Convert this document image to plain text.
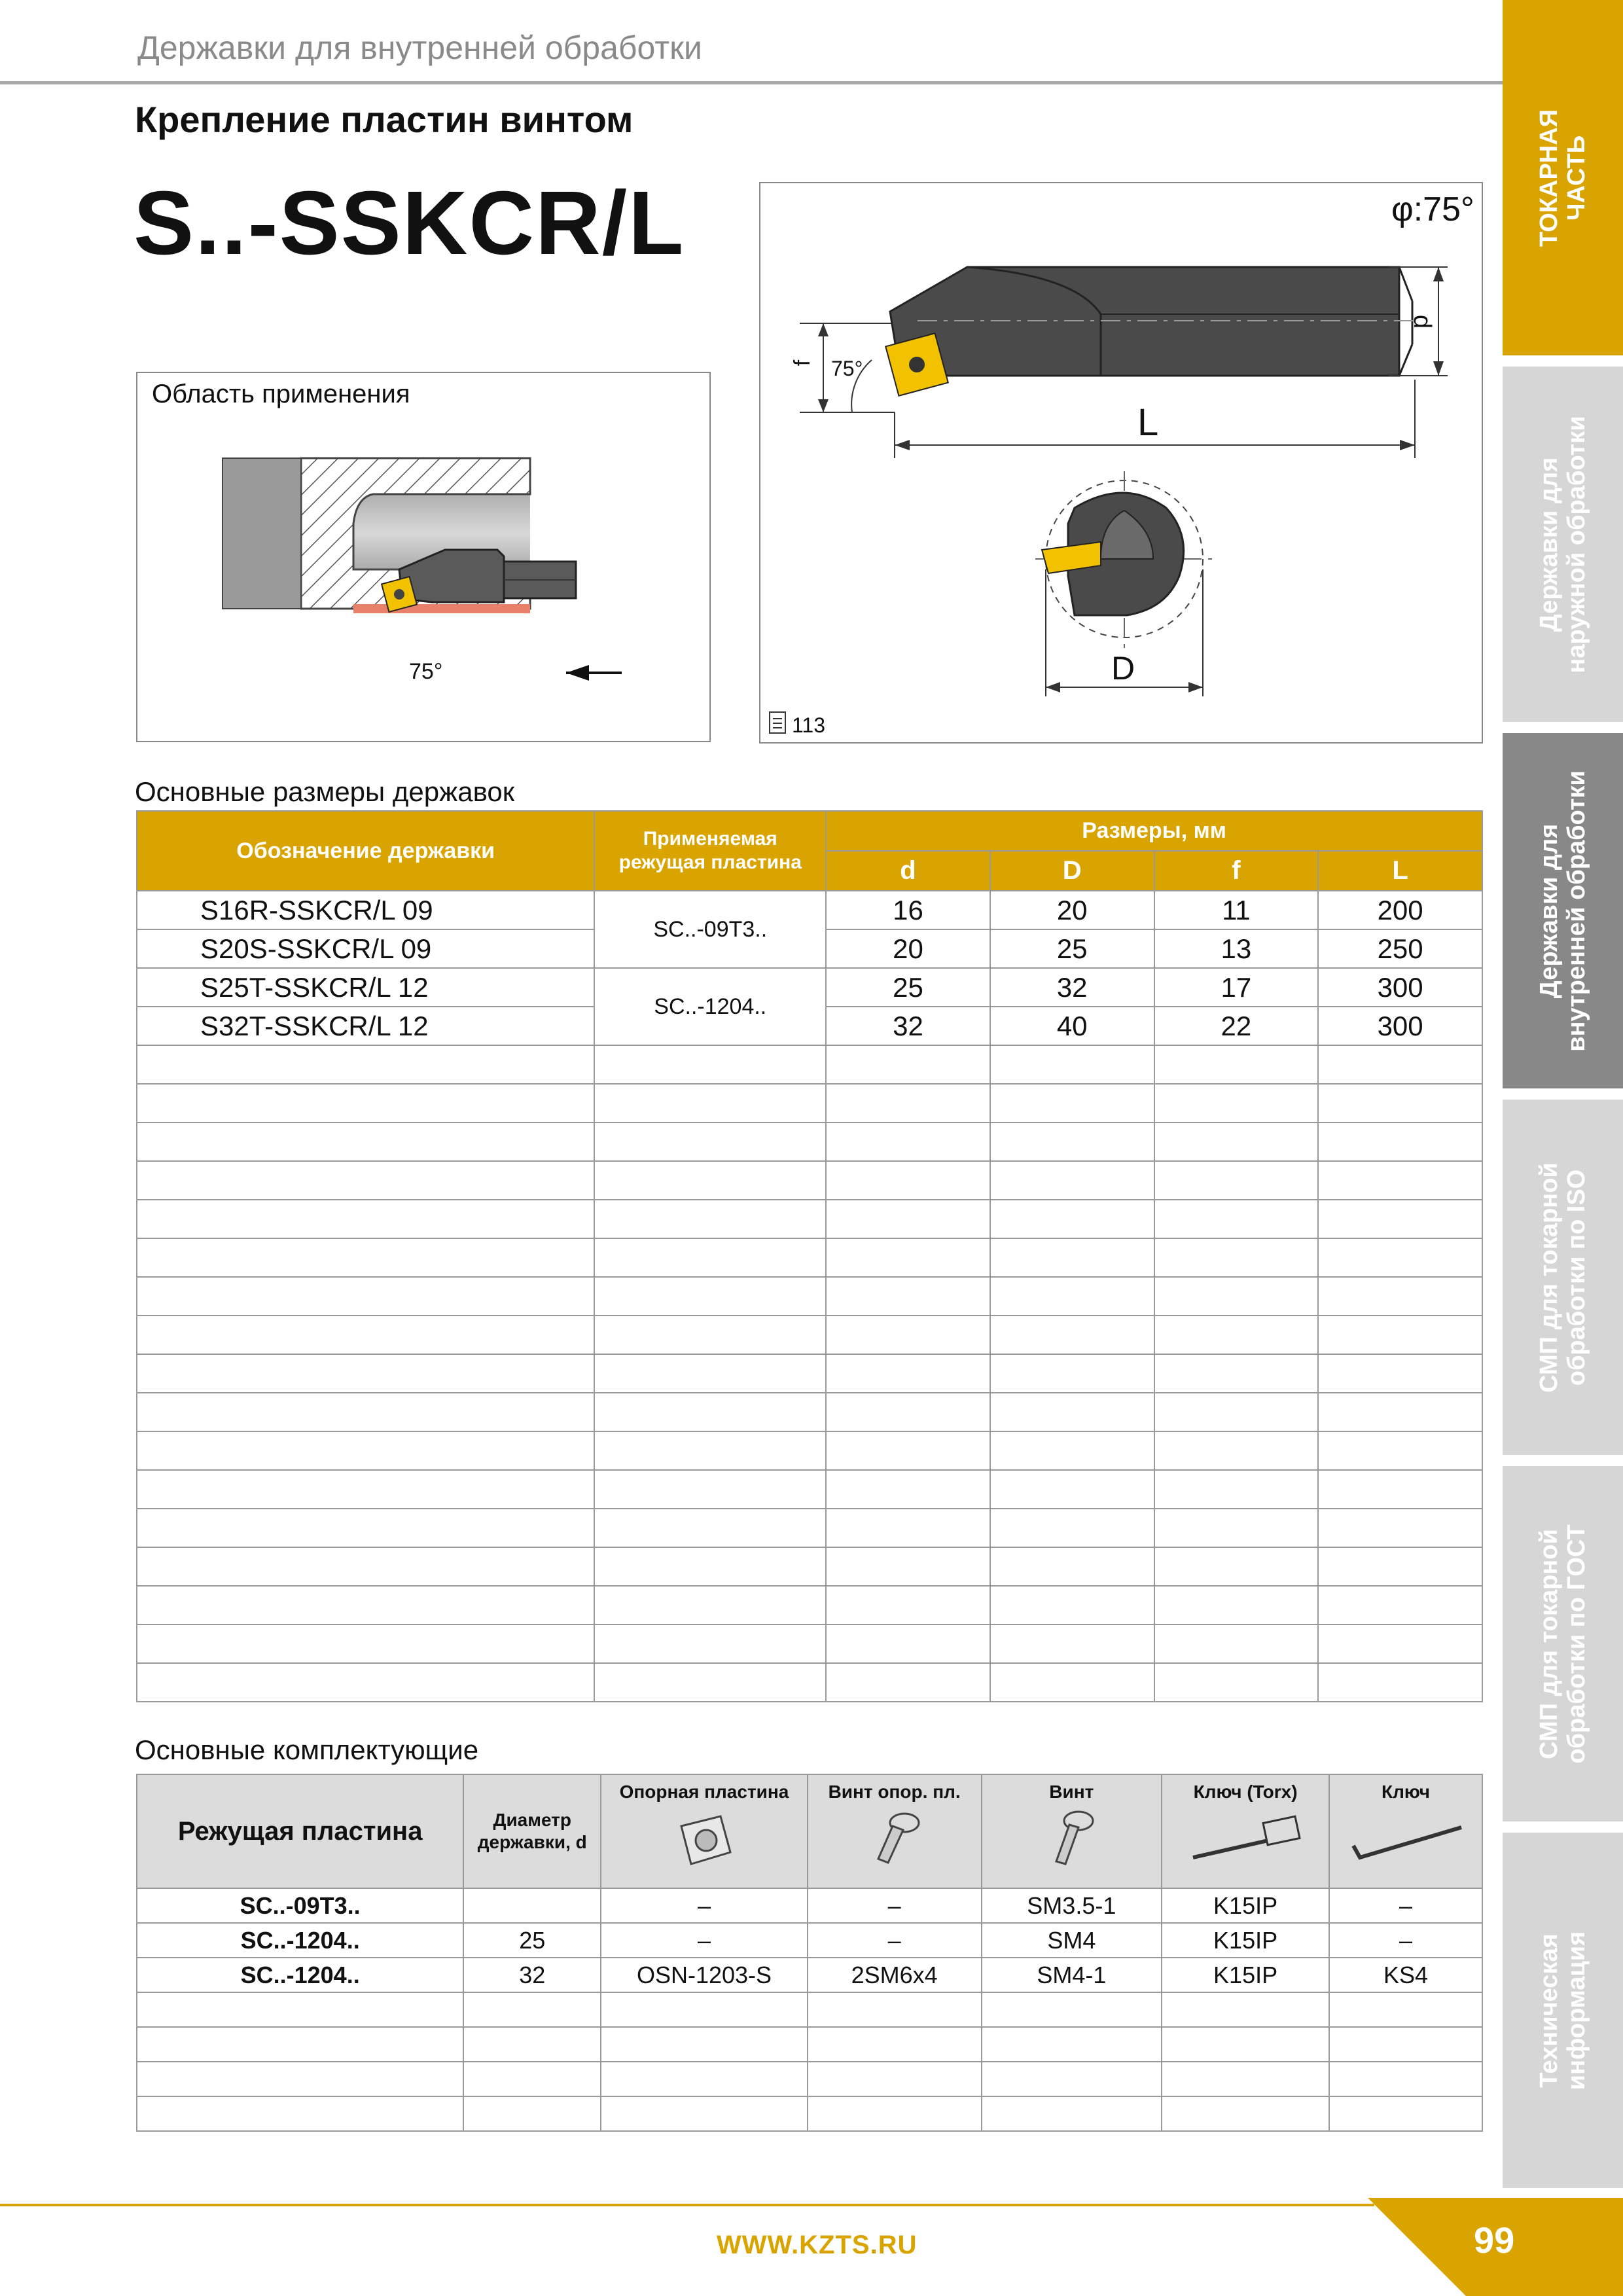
Державки для внутренней обработки
Крепление пластин винтом
S..-SSKCR/L	ТОКАРНАЯ ЧАСТЬ
Державки для наружной обработки
Державки для внутренней обработки
СМП для токарной обработки по ISO
СМП для токарной обработки по ГОСТ
Техническая информация
Область применения
75°
φ:75°
f 75°
d
L
D
113
Основные размеры державок
Обозначение державки	Применяемая
режущая пластина	Размеры, мм			
		d	D	f	L
S16R-SSKCR/L 09	SC..-09T3..	16	20	11	200
S20S-SSKCR/L 09		20	25	13	250
S25T-SSKCR/L 12	SC..-1204..	25	32	17	300
S32T-SSKCR/L 12		32	40	22	300

Основные комплектующие
Режущая пластина	Диаметр
державки, d	Опорная пластина	Винт опор. пл.	Винт	Ключ (Torx)	Ключ

SC..-09T3..		–	–	SM3.5-1	K15IP	–
SC..-1204..	25	–	–	SM4	K15IP	–
SC..-1204..	32	OSN-1203-S	2SM6x4	SM4-1	K15IP	KS4

WWW.KZTS.RU	99
